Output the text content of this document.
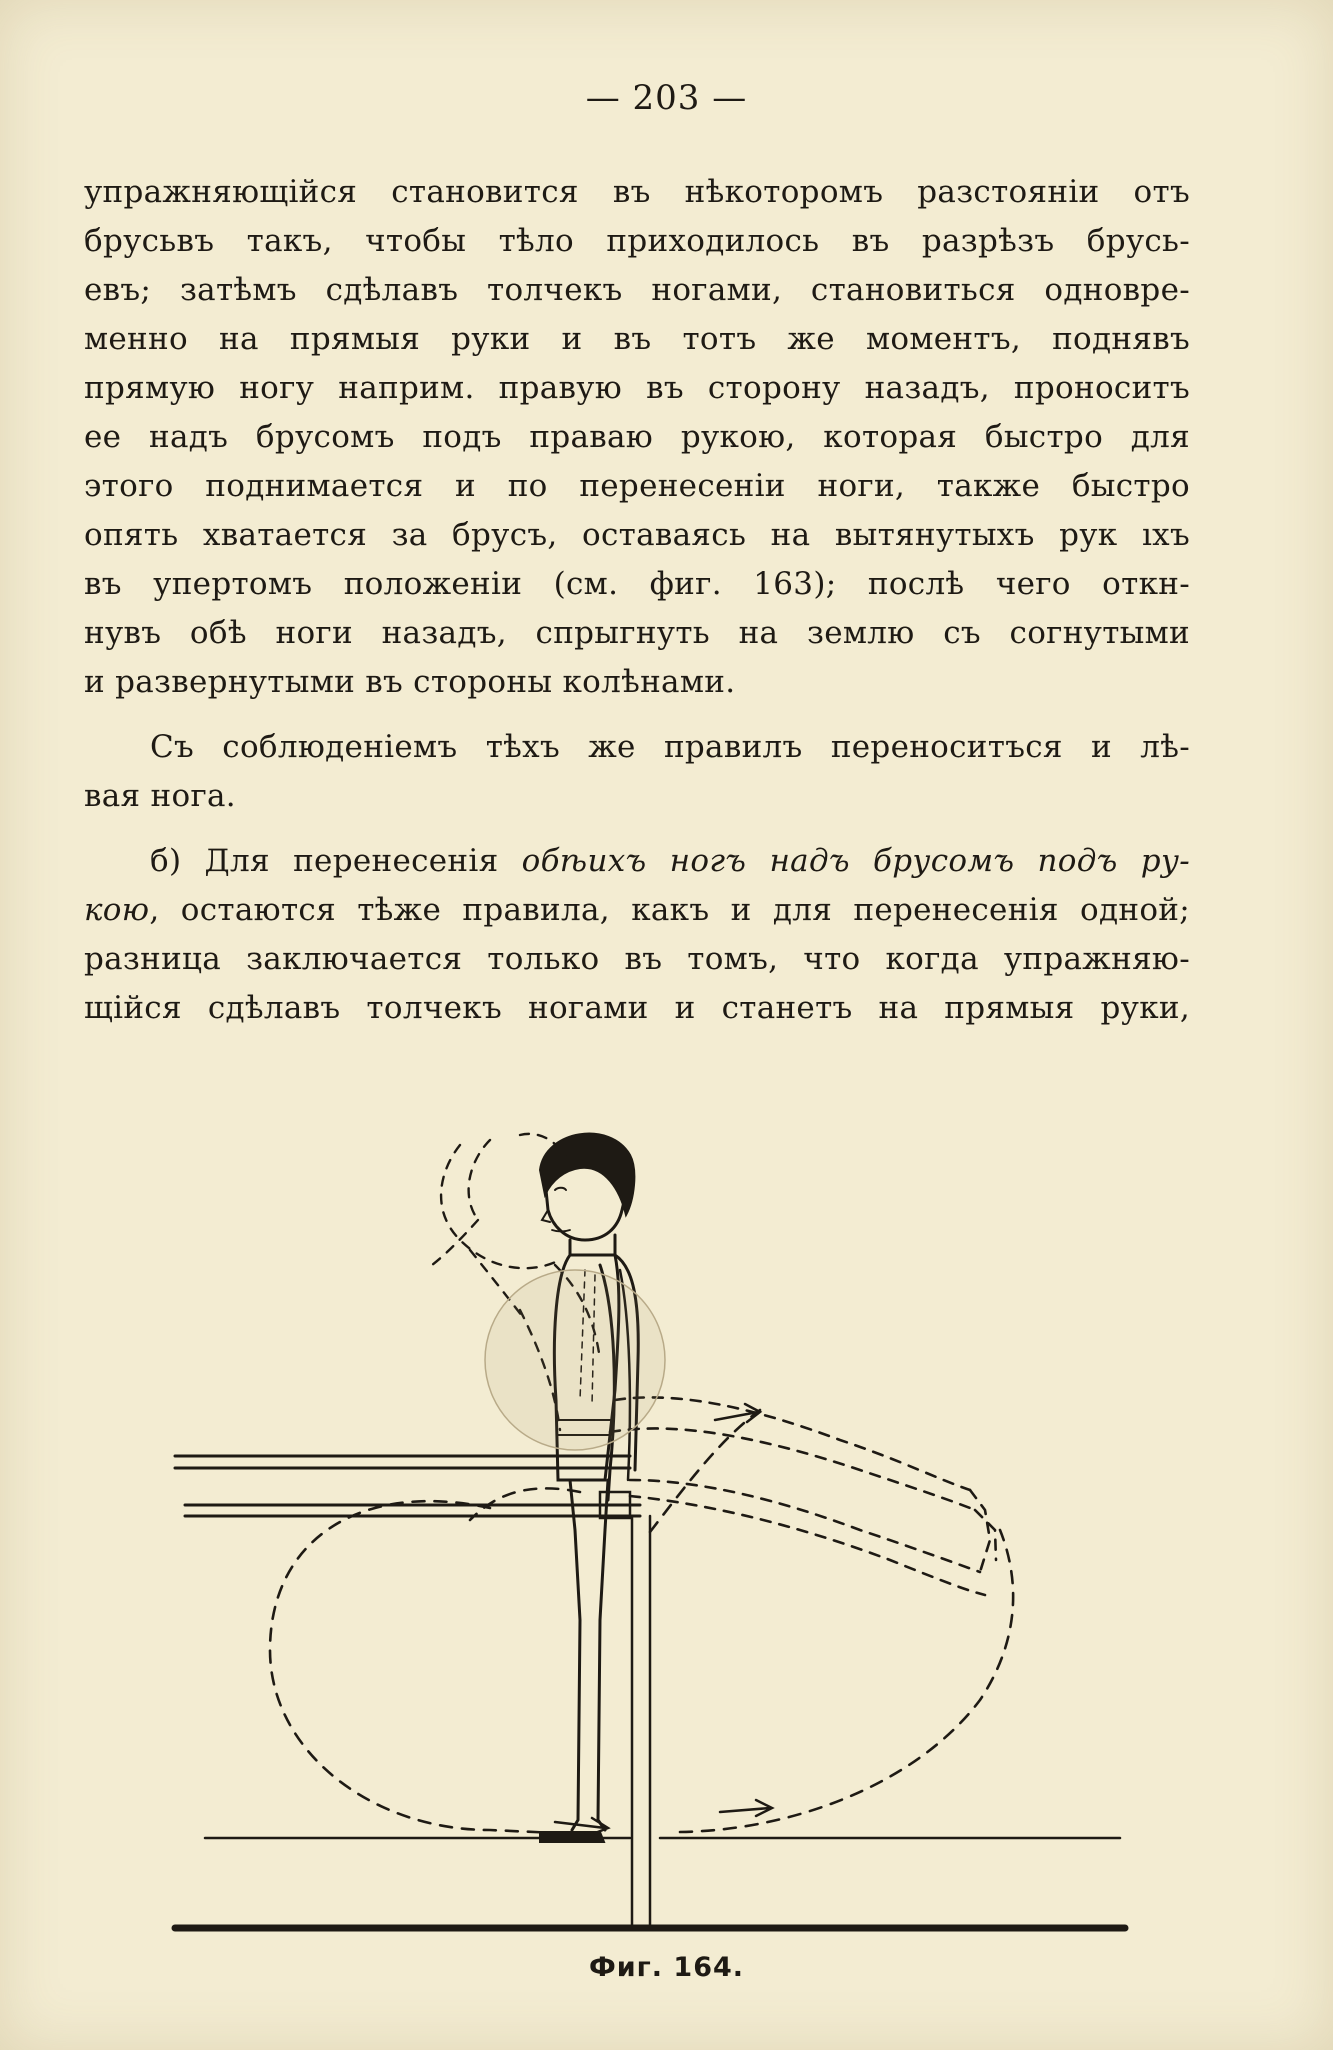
— 203 —
упражняющійся становится въ нѣкоторомъ разстояніи отъ
брусьвъ такъ, чтобы тѣло приходилось въ разрѣзъ брусь-
евъ; затѣмъ сдѣлавъ толчекъ ногами, становиться одновре-
менно на прямыя руки и въ тотъ же моментъ, поднявъ
прямую ногу наприм. правую въ сторону назадъ, проноситъ
ее надъ брусомъ подъ правaю рукою, которая быстро для
этого поднимается и по перенесеніи ноги, также быстро
опять хватается за брусъ, оставаясь на вытянутыхъ рук ıхъ
въ упертомъ положеніи (см. фиг. 163); послѣ чего откн-
нувъ обѣ ноги назадъ, спрыгнуть на землю съ согнутыми
и развернутыми въ стороны колѣнами.
Съ соблюденіемъ тѣхъ же правилъ переноситъся и лѣ-
вая нога.
б) Для перенесенія обѣихъ ногъ надъ брусомъ подъ ру-
кою, остаются тѣже правила, какъ и для перенесенія одной;
разница заключается только въ томъ, что когда упражняю-
щійся сдѣлавъ толчекъ ногами и станетъ на прямыя руки,
Фиг. 164.
